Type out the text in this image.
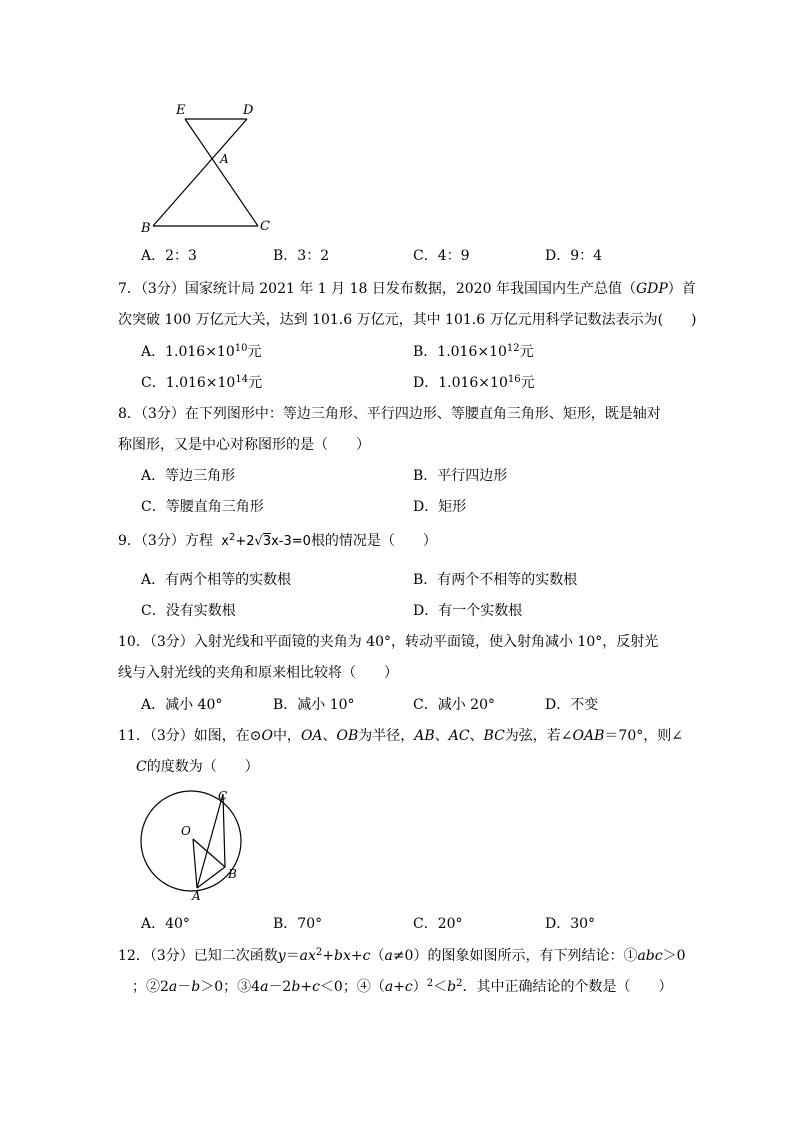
E	D
A
B	C
A．2：3	B．3：2	C．4：9	D．9：4
7．（3分）国家统计局 2021 年 1 月 18 日发布数据，2020 年我国国内生产总值（GDP）首
次突破 100 万亿元大关，达到 101.6 万亿元，其中 101.6 万亿元用科学记数法表示为(　　)
A．$1.016\times 10^{10}$元	B．$1.016\times 10^{12}$元
C．$1.016\times 10^{14}$元	D．$1.016\times 10^{16}$元
8．（3分）在下列图形中：等边三角形、平行四边形、等腰直角三角形、矩形，既是轴对
称图形，又是中心对称图形的是（　　）
A．等边三角形	B．平行四边形
C．等腰直角三角形	D．矩形
9．（3分）方程 $x^2+2√3x-3=0$根的情况是（　　）
A．有两个相等的实数根	B．有两个不相等的实数根
C．没有实数根	D．有一个实数根
10．（3分）入射光线和平面镜的夹角为 40°，转动平面镜，使入射角减小 10°，反射光
线与入射光线的夹角和原来相比较将（　　）
A．减小 40°	B．减小 10°	C．减小 20°	D．不变
11．（3分）如图，在⊙O中，OA、OB为半径，AB、AC、BC为弦，若∠OAB＝70°，则∠
C的度数为（　　）
C
O
B
A
A．40°	B．70°	C．20°	D．30°
12．（3分）已知二次函数$y=ax^2+bx+c(a\ne 0)$的图象如图所示，有下列结论：①abc＞0
；②2a－b＞0；③4a－2b+c＜0；$④(a+c)^2<b^2$．其中正确结论的个数是（　　）
